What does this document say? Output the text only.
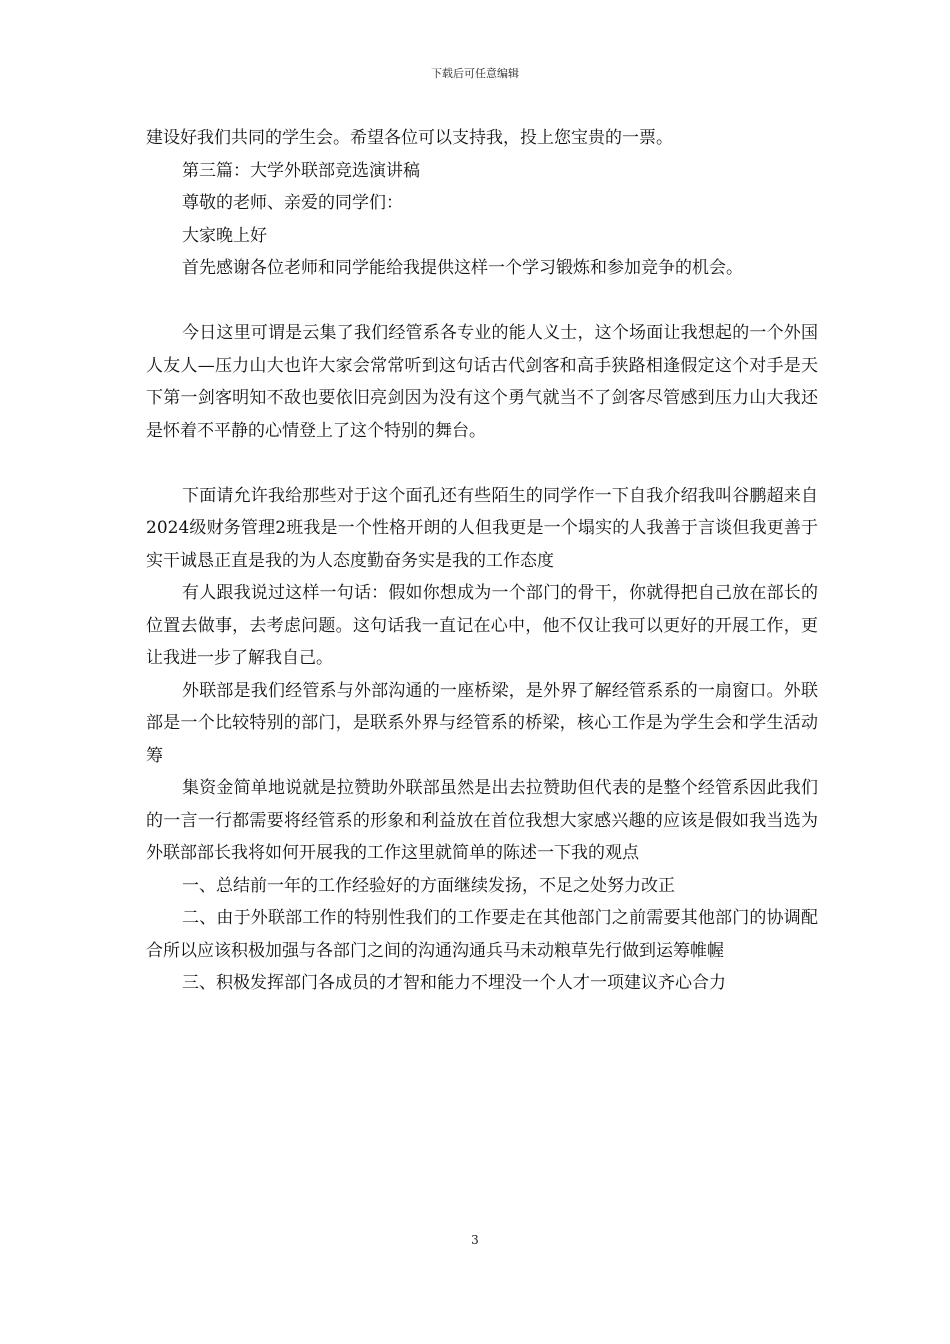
下载后可任意编辑

建设好我们共同的学生会。希望各位可以支持我，投上您宝贵的一票。

第三篇：大学外联部竞选演讲稿

尊敬的老师、亲爱的同学们：

大家晚上好

首先感谢各位老师和同学能给我提供这样一个学习锻炼和参加竞争的机会。

今日这里可谓是云集了我们经管系各专业的能人义士，这个场面让我想起的一个外国人友人—压力山大也许大家会常常听到这句话古代剑客和高手狭路相逢假定这个对手是天下第一剑客明知不敌也要依旧亮剑因为没有这个勇气就当不了剑客尽管感到压力山大我还是怀着不平静的心情登上了这个特别的舞台。

下面请允许我给那些对于这个面孔还有些陌生的同学作一下自我介绍我叫谷鹏超来自2024级财务管理2班我是一个性格开朗的人但我更是一个塌实的人我善于言谈但我更善于实干诚恳正直是我的为人态度勤奋务实是我的工作态度

有人跟我说过这样一句话：假如你想成为一个部门的骨干，你就得把自己放在部长的位置去做事，去考虑问题。这句话我一直记在心中，他不仅让我可以更好的开展工作，更让我进一步了解我自己。

外联部是我们经管系与外部沟通的一座桥梁，是外界了解经管系系的一扇窗口。外联部是一个比较特别的部门，是联系外界与经管系的桥梁，核心工作是为学生会和学生活动筹

集资金简单地说就是拉赞助外联部虽然是出去拉赞助但代表的是整个经管系因此我们的一言一行都需要将经管系的形象和利益放在首位我想大家感兴趣的应该是假如我当选为外联部部长我将如何开展我的工作这里就简单的陈述一下我的观点

一、总结前一年的工作经验好的方面继续发扬，不足之处努力改正

二、由于外联部工作的特别性我们的工作要走在其他部门之前需要其他部门的协调配合所以应该积极加强与各部门之间的沟通沟通兵马未动粮草先行做到运筹帷幄

三、积极发挥部门各成员的才智和能力不埋没一个人才一项建议齐心合力

3
